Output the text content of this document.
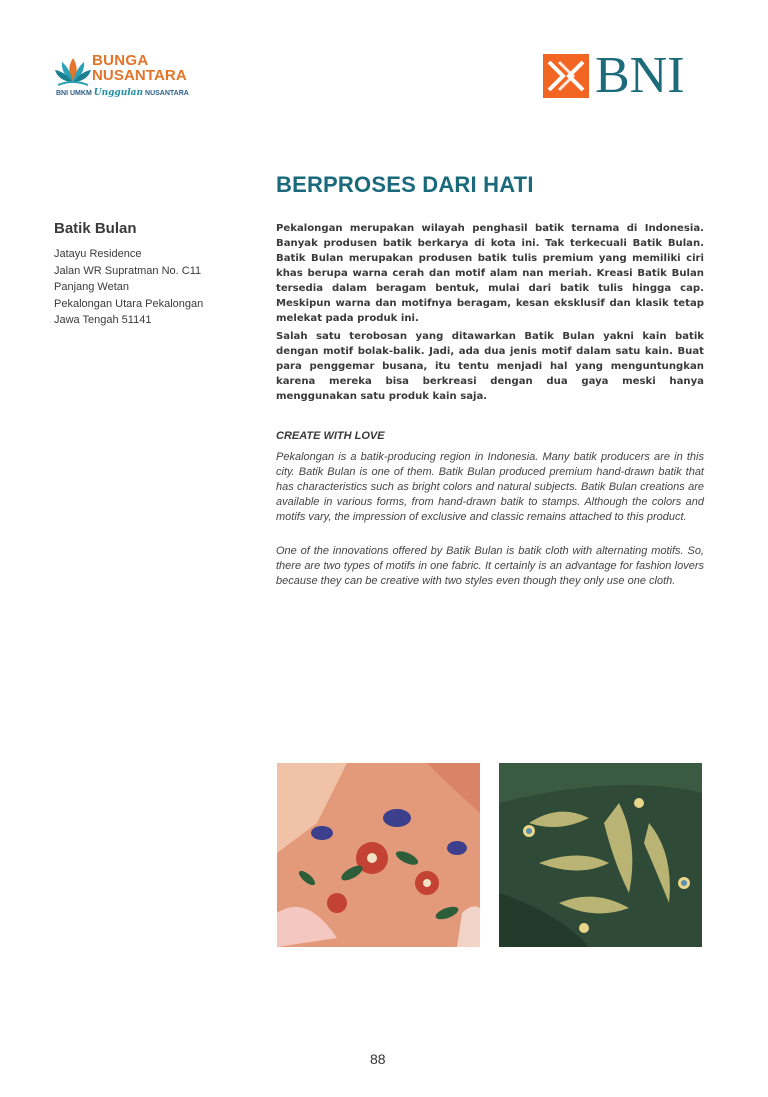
BUNGA
NUSANTARA
BNI UMKM Unggulan NUSANTARA	BNI
BERPROSES DARI HATI
Batik Bulan
Jatayu Residence
Jalan WR Supratman No. C11
Panjang Wetan
Pekalongan Utara Pekalongan
Jawa Tengah 51141
Pekalongan merupakan wilayah penghasil batik ternama di Indonesia. Banyak produsen batik berkarya di kota ini. Tak terkecuali Batik Bulan. Batik Bulan merupakan produsen batik tulis premium yang memiliki ciri khas berupa warna cerah dan motif alam nan meriah. Kreasi Batik Bulan tersedia dalam beragam bentuk, mulai dari batik tulis hingga cap. Meskipun warna dan motifnya beragam, kesan eksklusif dan klasik tetap melekat pada produk ini.
Salah satu terobosan yang ditawarkan Batik Bulan yakni kain batik dengan motif bolak-balik. Jadi, ada dua jenis motif dalam satu kain. Buat para penggemar busana, itu tentu menjadi hal yang menguntungkan karena mereka bisa berkreasi dengan dua gaya meski hanya menggunakan satu produk kain saja.
CREATE WITH LOVE
Pekalongan is a batik-producing region in Indonesia. Many batik producers are in this city. Batik Bulan is one of them. Batik Bulan produced premium hand-drawn batik that has characteristics such as bright colors and natural subjects. Batik Bulan creations are available in various forms, from hand-drawn batik to stamps. Although the colors and motifs vary, the impression of exclusive and classic remains attached to this product.
One of the innovations offered by Batik Bulan is batik cloth with alternating motifs. So, there are two types of motifs in one fabric. It certainly is an advantage for fashion lovers because they can be creative with two styles even though they only use one cloth.
88
